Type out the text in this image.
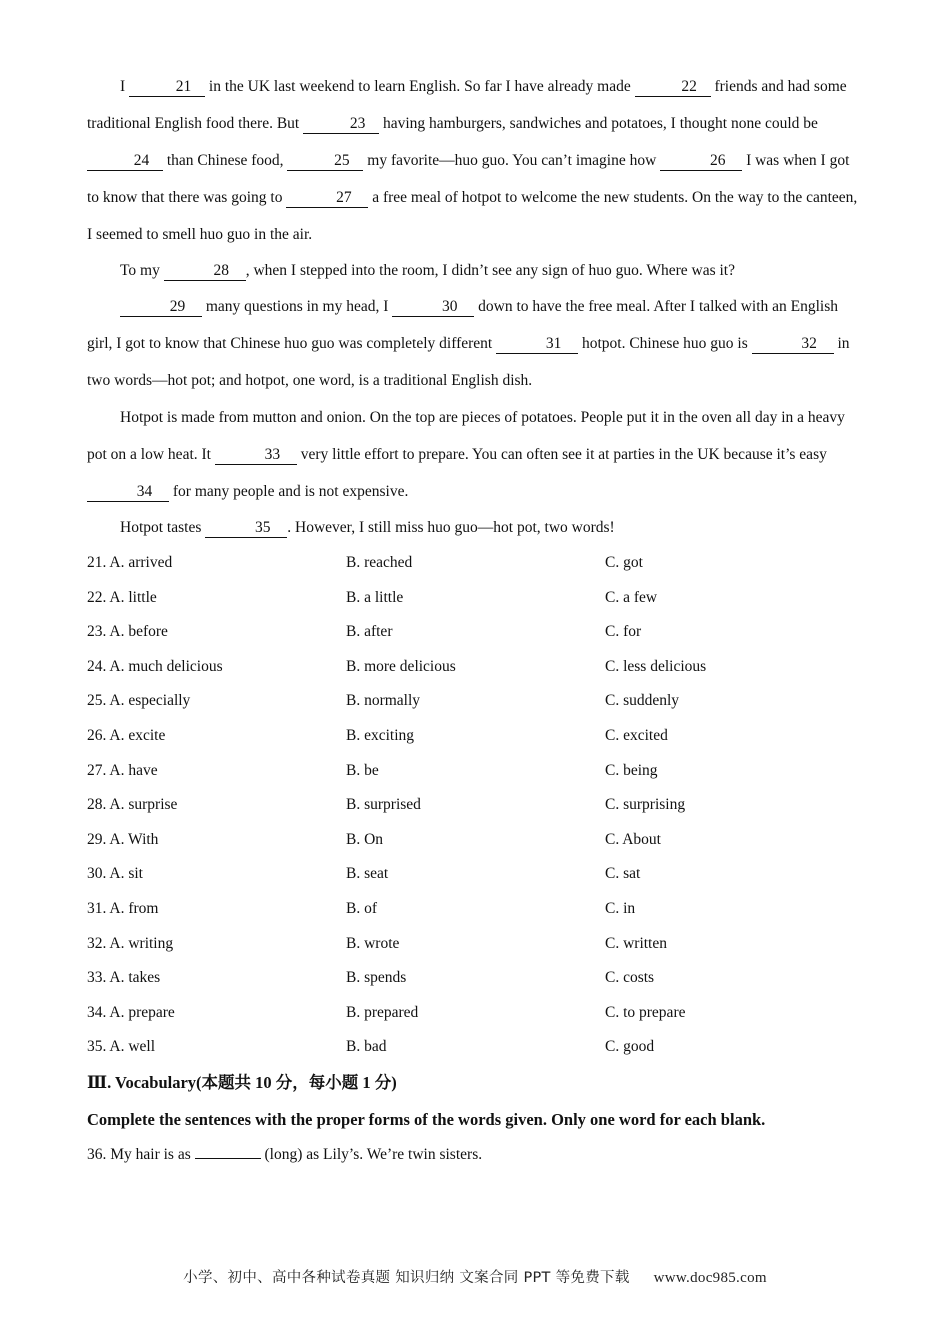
I	21 in the UK last weekend to learn English. So far I have already made	22 friends and had some traditional English food there. But	23 having hamburgers, sandwiches and potatoes, I thought none could be 24 than Chinese food,	25 my favorite—huo guo. You can’t imagine how	26 I was when I got to know that there was going to	27 a free meal of hotpot to welcome the new students. On the way to the canteen, I seemed to smell huo guo in the air.

To my	28 , when I stepped into the room, I didn’t see any sign of huo guo. Where was it?

29 many questions in my head, I	30 down to have the free meal. After I talked with an English girl, I got to know that Chinese huo guo was completely different	31 hotpot. Chinese huo guo is	32 in two words—hot pot; and hotpot, one word, is a traditional English dish.

Hotpot is made from mutton and onion. On the top are pieces of potatoes. People put it in the oven all day in a heavy pot on a low heat. It	33 very little effort to prepare. You can often see it at parties in the UK because it’s easy 34 for many people and is not expensive.

Hotpot tastes	35 . However, I still miss huo guo—hot pot, two words!

21. A. arrived	B. reached	C. got
22. A. little	B. a little	C. a few
23. A. before	B. after	C. for
24. A. much delicious	B. more delicious	C. less delicious
25. A. especially	B. normally	C. suddenly
26. A. excite	B. exciting	C. excited
27. A. have	B. be	C. being
28. A. surprise	B. surprised	C. surprising
29. A. With	B. On	C. About
30. A. sit	B. seat	C. sat
31. A. from	B. of	C. in
32. A. writing	B. wrote	C. written
33. A. takes	B. spends	C. costs
34. A. prepare	B. prepared	C. to prepare
35. A. well	B. bad	C. good

Ⅲ. Vocabulary(本题共 10 分，每小题 1 分)

Complete the sentences with the proper forms of the words given. Only one word for each blank.

36. My hair is as	(long) as Lily’s. We’re twin sisters.

小学、初中、高中各种试卷真题 知识归纳 文案合同 PPT 等免费下载 www.doc985.com
